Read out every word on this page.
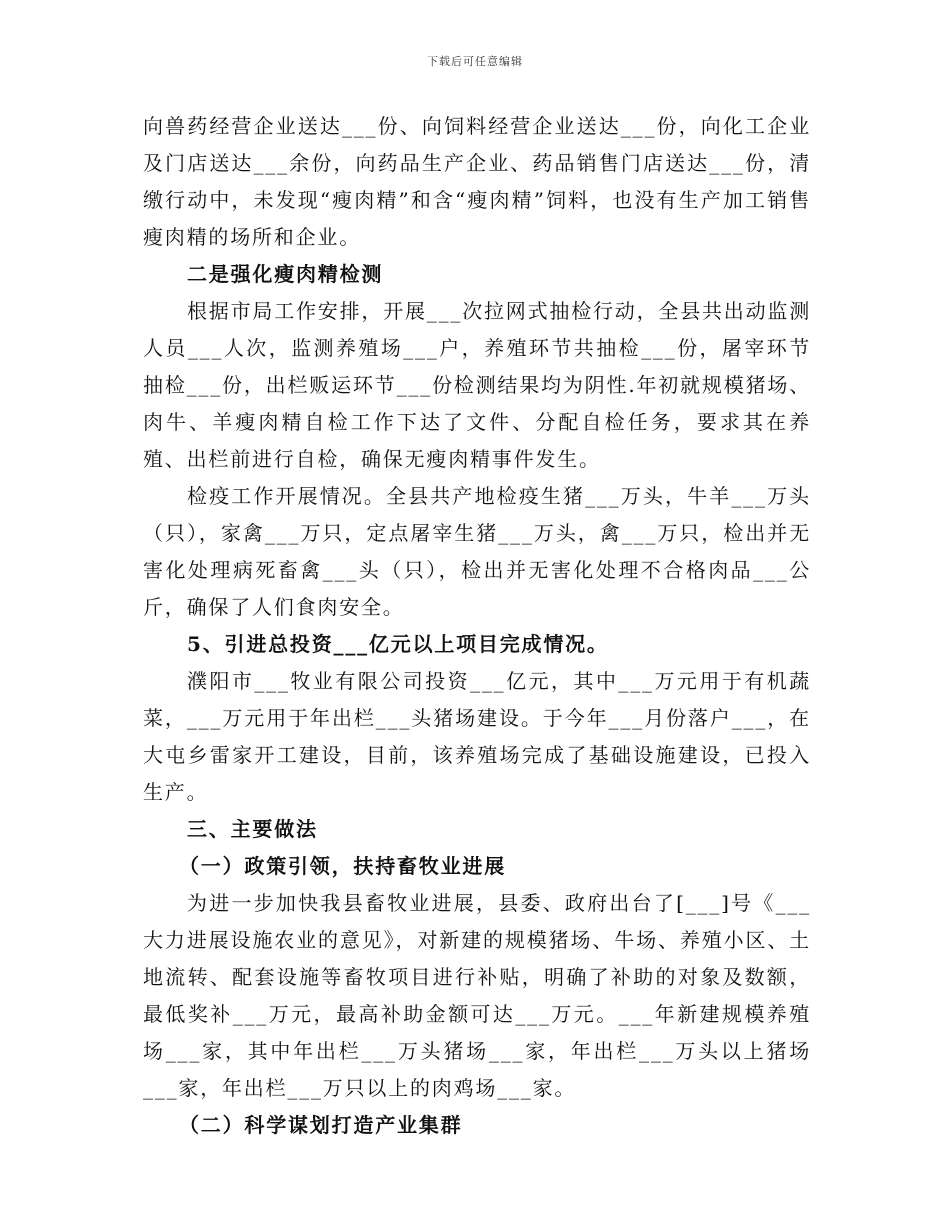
下载后可任意编辑

向兽药经营企业送达___份、向饲料经营企业送达___份，向化工企业及门店送达___余份，向药品生产企业、药品销售门店送达___份，清缴行动中，未发现“瘦肉精”和含“瘦肉精”饲料，也没有生产加工销售瘦肉精的场所和企业。

二是强化瘦肉精检测

根据市局工作安排，开展___次拉网式抽检行动，全县共出动监测人员___人次，监测养殖场___户，养殖环节共抽检___份，屠宰环节抽检___份，出栏贩运环节___份检测结果均为阴性.年初就规模猪场、肉牛、羊瘦肉精自检工作下达了文件、分配自检任务，要求其在养殖、出栏前进行自检，确保无瘦肉精事件发生。

检疫工作开展情况。全县共产地检疫生猪___万头，牛羊___万头（只），家禽___万只，定点屠宰生猪___万头，禽___万只，检出并无害化处理病死畜禽___头（只），检出并无害化处理不合格肉品___公斤，确保了人们食肉安全。

5、引进总投资___亿元以上项目完成情况。

濮阳市___牧业有限公司投资___亿元，其中___万元用于有机蔬菜，___万元用于年出栏___头猪场建设。于今年___月份落户___，在大屯乡雷家开工建设，目前，该养殖场完成了基础设施建设，已投入生产。

三、主要做法

（一）政策引领，扶持畜牧业进展

为进一步加快我县畜牧业进展，县委、政府出台了[___]号《___大力进展设施农业的意见》，对新建的规模猪场、牛场、养殖小区、土地流转、配套设施等畜牧项目进行补贴，明确了补助的对象及数额，最低奖补___万元，最高补助金额可达___万元。___年新建规模养殖场___家，其中年出栏___万头猪场___家，年出栏___万头以上猪场___家，年出栏___万只以上的肉鸡场___家。

（二）科学谋划打造产业集群
